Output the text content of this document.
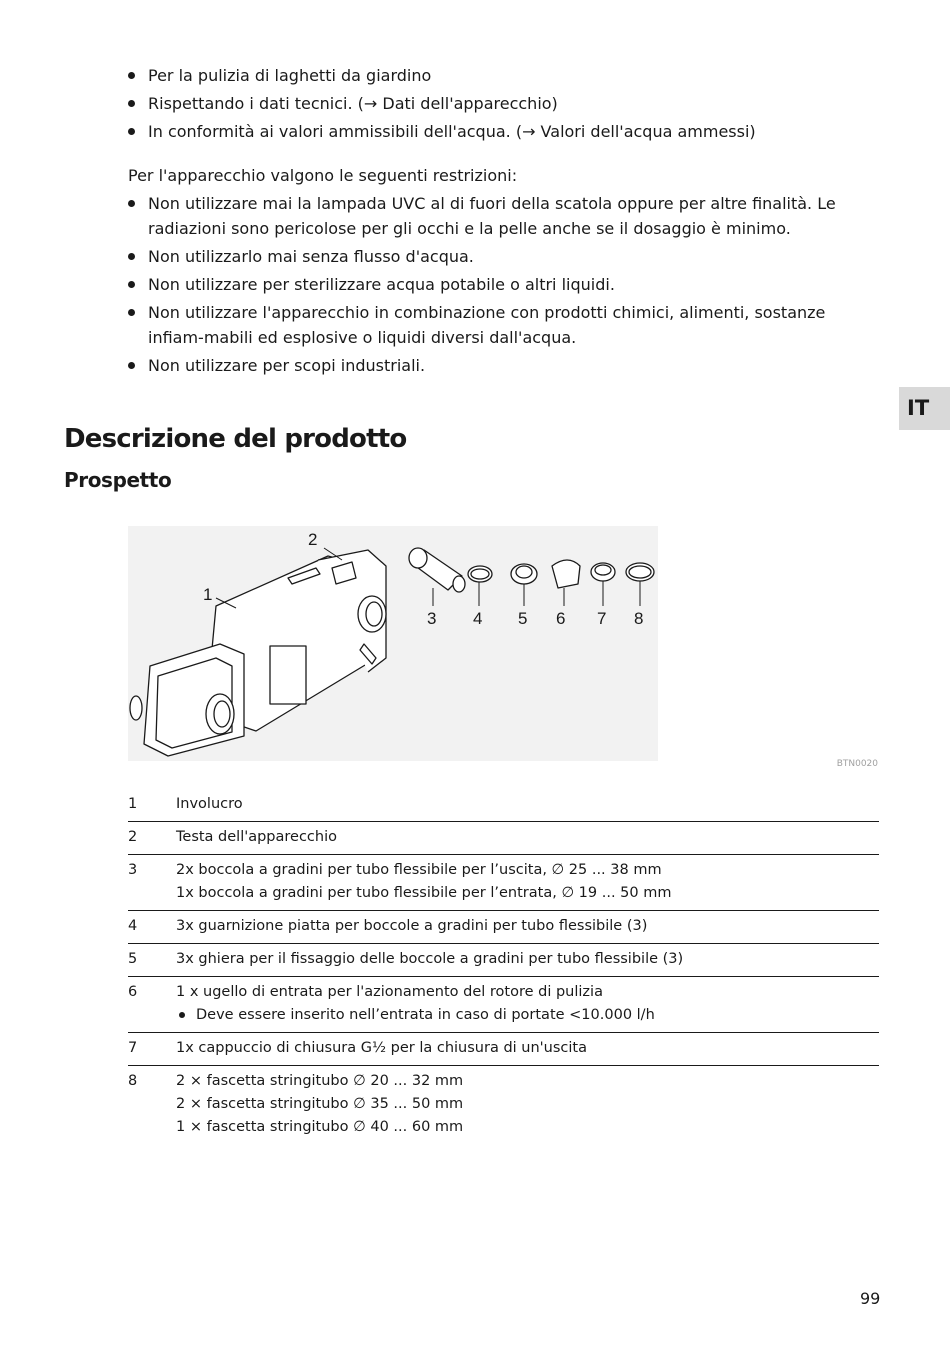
Per la pulizia di laghetti da giardino
Rispettando i dati tecnici. (→ Dati dell'apparecchio)
In conformità ai valori ammissibili dell'acqua. (→ Valori dell'acqua ammessi)
Per l'apparecchio valgono le seguenti restrizioni:
Non utilizzare mai la lampada UVC al di fuori della scatola oppure per altre finalità. Le radiazioni sono pericolose per gli occhi e la pelle anche se il dosaggio è minimo.
Non utilizzarlo mai senza flusso d'acqua.
Non utilizzare per sterilizzare acqua potabile o altri liquidi.
Non utilizzare l'apparecchio in combinazione con prodotti chimici, alimenti, sostanze infiam-mabili ed esplosive o liquidi diversi dall'acqua.
Non utilizzare per scopi industriali.
IT
Descrizione del prodotto
Prospetto
1
2
3 4 5 6 7 8
BTN0020
1	Involucro
2	Testa dell'apparecchio
3	2x boccola a gradini per tubo flessibile per l’uscita, ∅ 25 ... 38 mm
1x boccola a gradini per tubo flessibile per l’entrata, ∅ 19 ... 50 mm
4	3x guarnizione piatta per boccole a gradini per tubo flessibile (3)
5	3x ghiera per il fissaggio delle boccole a gradini per tubo flessibile (3)
6	1 x ugello di entrata per l'azionamento del rotore di pulizia
Deve essere inserito nell’entrata in caso di portate <10.000 l/h
7	1x cappuccio di chiusura G½ per la chiusura di un'uscita
8	2 × fascetta stringitubo ∅ 20 ... 32 mm
2 × fascetta stringitubo ∅ 35 ... 50 mm
1 × fascetta stringitubo ∅ 40 ... 60 mm
99
